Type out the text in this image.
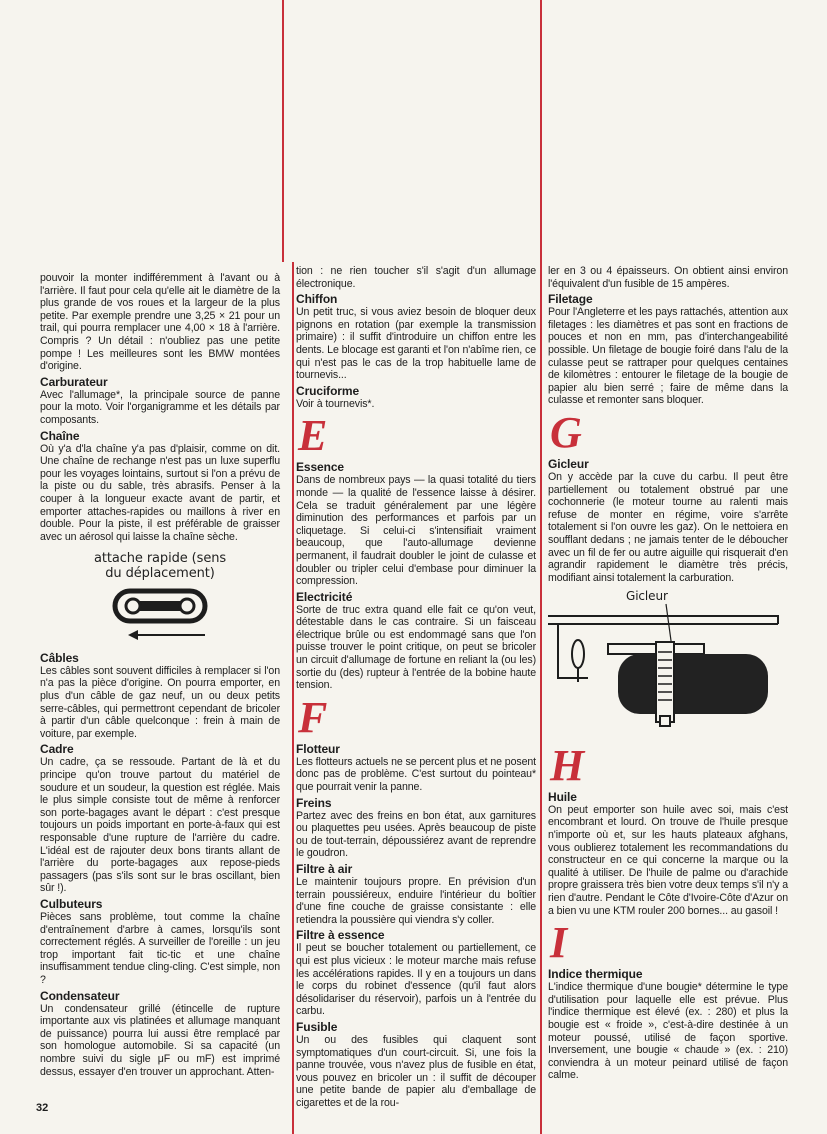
pouvoir la monter indifféremment à l'avant ou à l'arrière. Il faut pour cela qu'elle ait le diamètre de la plus grande de vos roues et la largeur de la plus petite. Par exemple prendre une 3,25 × 21 pour un trail, qui pourra remplacer une 4,00 × 18 à l'arrière. Compris ? Un détail : n'oubliez pas une petite pompe ! Les meilleures sont les BMW montées d'origine.

Carburateur

Avec l'allumage*, la principale source de panne pour la moto. Voir l'organigramme et les détails par composants.

Chaîne

Où y'a d'la chaîne y'a pas d'plaisir, comme on dit. Une chaîne de rechange n'est pas un luxe superflu pour les voyages lointains, surtout si l'on a prévu de la piste ou du sable, très abrasifs. Penser à la couper à la longueur exacte avant de partir, et emporter attaches-rapides ou maillons à river en double. Pour la piste, il est préférable de graisser avec un aérosol qui laisse la chaîne sèche.

attache rapide (sens
du déplacement)
Câbles

Les câbles sont souvent difficiles à remplacer si l'on n'a pas la pièce d'origine. On pourra emporter, en plus d'un câble de gaz neuf, un ou deux petits serre-câbles, qui permettront cependant de bricoler à partir d'un câble quelconque : frein à main de voiture, par exemple.

Cadre

Un cadre, ça se ressoude. Partant de là et du principe qu'on trouve partout du matériel de soudure et un soudeur, la question est réglée. Mais le plus simple consiste tout de même à renforcer son porte-bagages avant le départ : c'est presque toujours un poids important en porte-à-faux qui est responsable d'une rupture de l'arrière du cadre. L'idéal est de rajouter deux bons tirants allant de l'arrière du porte-bagages aux repose-pieds passagers (pas s'ils sont sur le bras oscillant, bien sûr !).

Culbuteurs

Pièces sans problème, tout comme la chaîne d'entraînement d'arbre à cames, lorsqu'ils sont correctement réglés. A surveiller de l'oreille : un jeu trop important fait tic-tic et une chaîne insuffisamment tendue cling-cling. C'est simple, non ?

Condensateur

Un condensateur grillé (étincelle de rupture importante aux vis platinées et allumage manquant de puissance) pourra lui aussi être remplacé par son homologue automobile. Si sa capacité (un nombre suivi du sigle μF ou mF) est imprimé dessus, essayer d'en trouver un approchant. Atten-

tion : ne rien toucher s'il s'agit d'un allumage électronique.

Chiffon

Un petit truc, si vous aviez besoin de bloquer deux pignons en rotation (par exemple la transmission primaire) : il suffit d'introduire un chiffon entre les dents. Le blocage est garanti et l'on n'abîme rien, ce qui n'est pas le cas de la trop habituelle lame de tournevis...

Cruciforme

Voir à tournevis*.

E
Essence

Dans de nombreux pays — la quasi totalité du tiers monde — la qualité de l'essence laisse à désirer. Cela se traduit généralement par une légère diminution des performances et parfois par un cliquetage. Si celui-ci s'intensifiait vraiment beaucoup, que l'auto-allumage devienne permanent, il faudrait doubler le joint de culasse et doubler ou tripler celui d'embase pour diminuer la compression.

Electricité

Sorte de truc extra quand elle fait ce qu'on veut, détestable dans le cas contraire. Si un faisceau électrique brûle ou est endommagé sans que l'on puisse trouver le point critique, on peut se bricoler un circuit d'allumage de fortune en reliant la (ou les) sortie du (des) rupteur à l'entrée de la bobine haute tension.

F
Flotteur

Les flotteurs actuels ne se percent plus et ne posent donc pas de problème. C'est surtout du pointeau* que pourrait venir la panne.

Freins

Partez avec des freins en bon état, aux garnitures ou plaquettes peu usées. Après beaucoup de piste ou de tout-terrain, dépoussiérez avant de reprendre le goudron.

Filtre à air

Le maintenir toujours propre. En prévision d'un terrain poussiéreux, enduire l'intérieur du boîtier d'une fine couche de graisse consistante : elle retiendra la poussière qui viendra s'y coller.

Filtre à essence

Il peut se boucher totalement ou partiellement, ce qui est plus vicieux : le moteur marche mais refuse les accélérations rapides. Il y en a toujours un dans le corps du robinet d'essence (qu'il faut alors désolidariser du réservoir), parfois un à l'entrée du carbu.

Fusible

Un ou des fusibles qui claquent sont symptomatiques d'un court-circuit. Si, une fois la panne trouvée, vous n'avez plus de fusible en état, vous pouvez en bricoler un : il suffit de découper une petite bande de papier alu d'emballage de cigarettes et de la rou-

ler en 3 ou 4 épaisseurs. On obtient ainsi environ l'équivalent d'un fusible de 15 ampères.

Filetage

Pour l'Angleterre et les pays rattachés, attention aux filetages : les diamètres et pas sont en fractions de pouces et non en mm, pas d'interchangeabilité possible. Un filetage de bougie foiré dans l'alu de la culasse peut se rattraper pour quelques centaines de kilomètres : entourer le filetage de la bougie de papier alu bien serré ; faire de même dans la culasse et remonter sans bloquer.

G
Gicleur

On y accède par la cuve du carbu. Il peut être partiellement ou totalement obstrué par une cochonnerie (le moteur tourne au ralenti mais refuse de monter en régime, voire s'arrête totalement si l'on ouvre les gaz). On le nettoiera en soufflant dedans ; ne jamais tenter de le déboucher avec un fil de fer ou autre aiguille qui risquerait d'en agrandir rapidement le diamètre très précis, modifiant ainsi totalement la carburation.

Gicleur
H
Huile

On peut emporter son huile avec soi, mais c'est encombrant et lourd. On trouve de l'huile presque n'importe où et, sur les hauts plateaux afghans, vous oublierez totalement les recommandations du constructeur en ce qui concerne la marque ou la qualité à utiliser. De l'huile de palme ou d'arachide propre graissera très bien votre deux temps s'il n'y a rien d'autre. Pendant le Côte d'Ivoire-Côte d'Azur on a bien vu une KTM rouler 200 bornes... au gasoil !

I
Indice thermique

L'indice thermique d'une bougie* détermine le type d'utilisation pour laquelle elle est prévue. Plus l'indice thermique est élevé (ex. : 280) et plus la bougie est « froide », c'est-à-dire destinée à un moteur poussé, utilisé de façon sportive. Inversement, une bougie « chaude » (ex. : 210) conviendra à un moteur peinard utilisé de façon calme.

32
